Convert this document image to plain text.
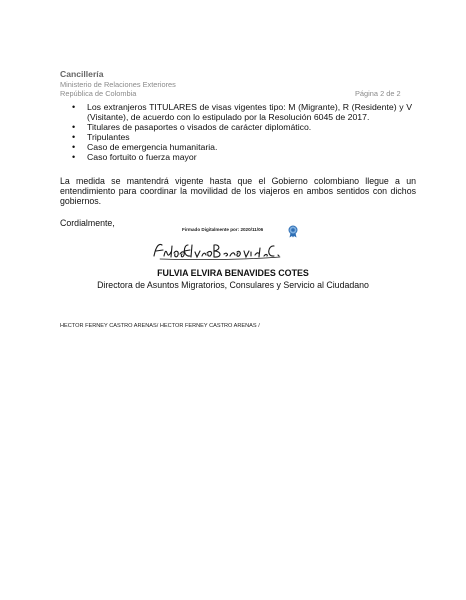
Cancillería
Ministerio de Relaciones Exteriores
República de Colombia	Página 2 de 2
• Los extranjeros TITULARES de visas vigentes tipo: M (Migrante), R (Residente) y V (Visitante), de acuerdo con lo estipulado por la Resolución 6045 de 2017.
• Titulares de pasaportes o visados de carácter diplomático.
• Tripulantes
• Caso de emergencia humanitaria.
• Caso fortuito o fuerza mayor
La medida se mantendrá vigente hasta que el Gobierno colombiano llegue a un entendimiento para coordinar la movilidad de los viajeros en ambos sentidos con dichos gobiernos.
Cordialmente,
Firmado Digitalmente por: 2020/11/06
FULVIA ELVIRA BENAVIDES COTES
Directora de Asuntos Migratorios, Consulares y Servicio al Ciudadano
HECTOR FERNEY CASTRO ARENAS/ HECTOR FERNEY CASTRO ARENAS /
